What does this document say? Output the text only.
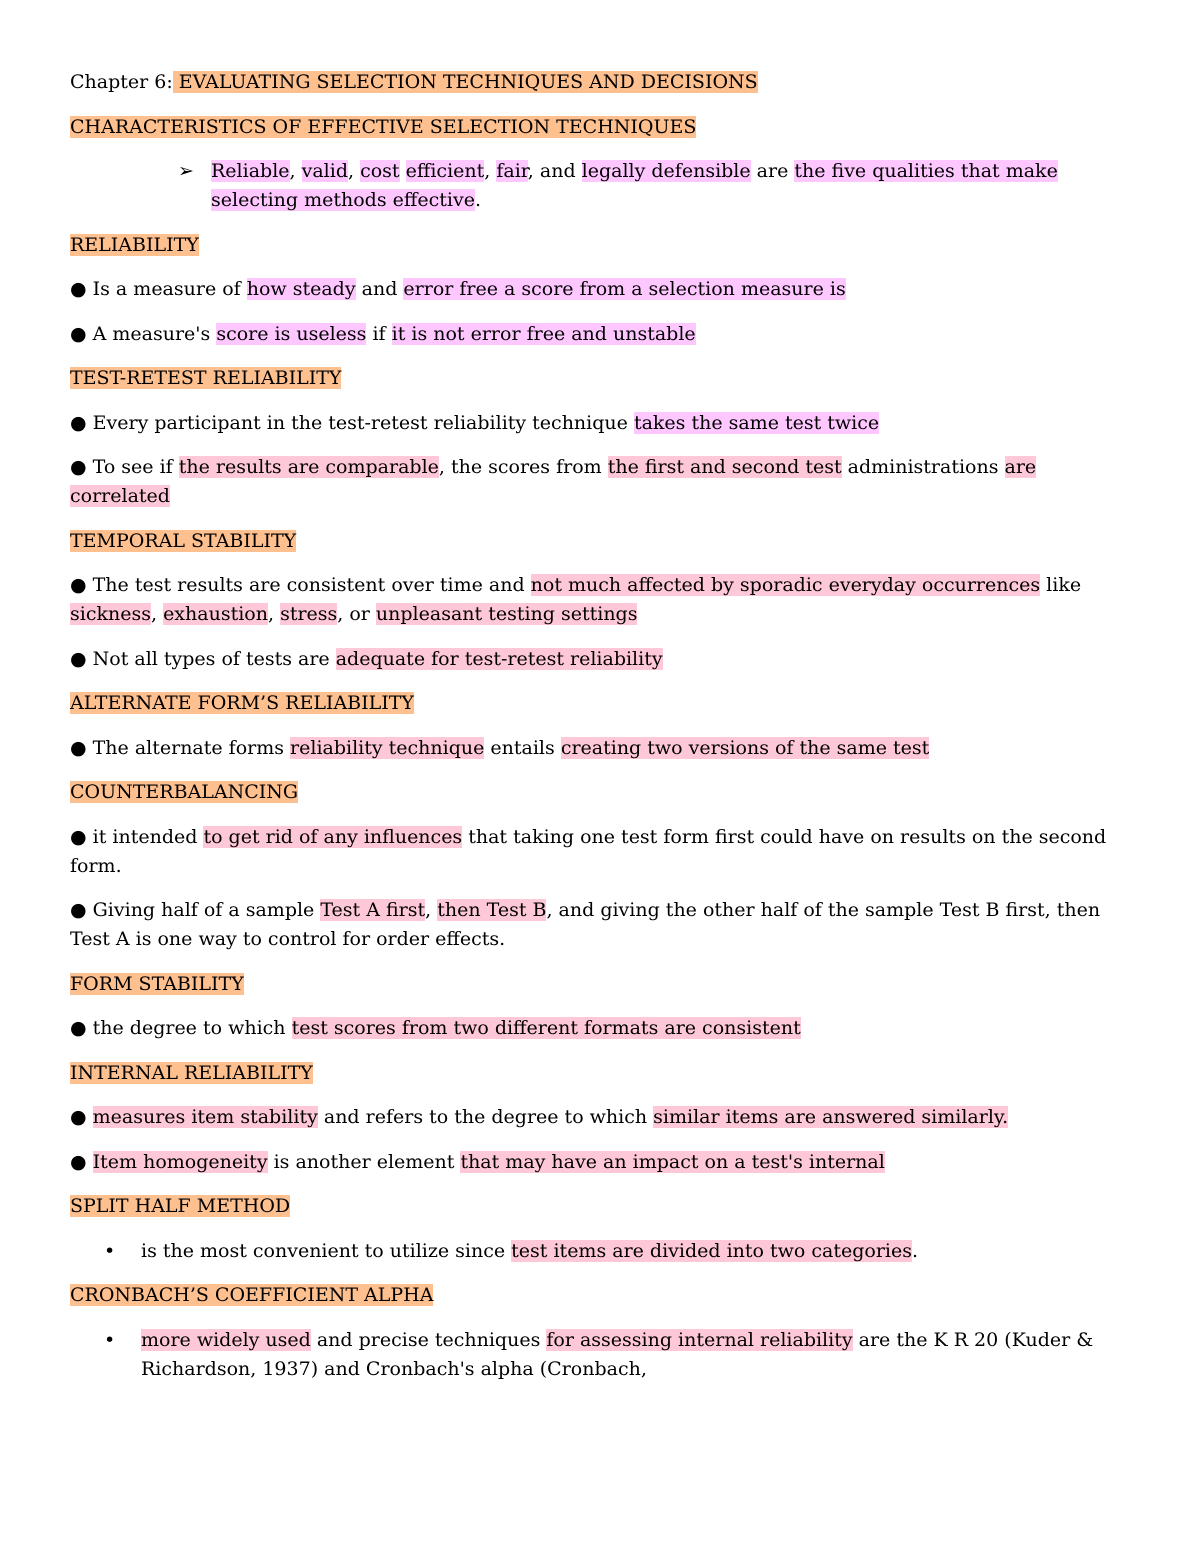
Chapter 6: EVALUATING SELECTION TECHNIQUES AND DECISIONS
CHARACTERISTICS OF EFFECTIVE SELECTION TECHNIQUES
➢ Reliable, valid, cost efficient, fair, and legally defensible are the five qualities that make selecting methods effective.
RELIABILITY
● Is a measure of how steady and error free a score from a selection measure is
● A measure's score is useless if it is not error free and unstable
TEST-RETEST RELIABILITY
● Every participant in the test-retest reliability technique takes the same test twice
● To see if the results are comparable, the scores from the first and second test administrations are correlated
TEMPORAL STABILITY
● The test results are consistent over time and not much affected by sporadic everyday occurrences like sickness, exhaustion, stress, or unpleasant testing settings
● Not all types of tests are adequate for test-retest reliability
ALTERNATE FORM’S RELIABILITY
● The alternate forms reliability technique entails creating two versions of the same test
COUNTERBALANCING
● it intended to get rid of any influences that taking one test form first could have on results on the second form.
● Giving half of a sample Test A first, then Test B, and giving the other half of the sample Test B first, then Test A is one way to control for order effects.
FORM STABILITY
● the degree to which test scores from two different formats are consistent
INTERNAL RELIABILITY
● measures item stability and refers to the degree to which similar items are answered similarly.
● Item homogeneity is another element that may have an impact on a test's internal
SPLIT HALF METHOD
• is the most convenient to utilize since test items are divided into two categories.
CRONBACH’S COEFFICIENT ALPHA
• more widely used and precise techniques for assessing internal reliability are the K R 20 (Kuder & Richardson, 1937) and Cronbach's alpha (Cronbach,
